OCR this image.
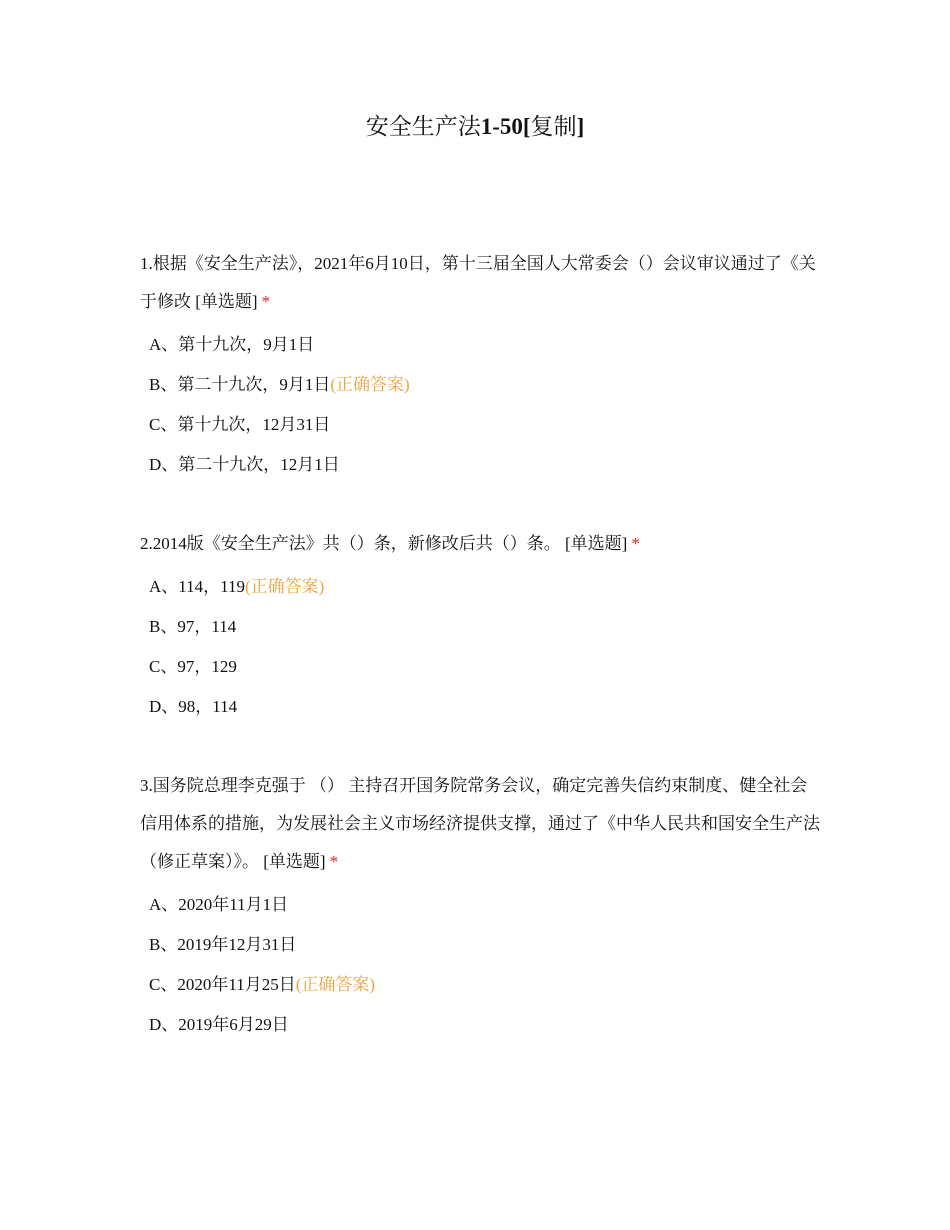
安全生产法1-50[复制]

1.根据《安全生产法》，2021年6月10日，第十三届全国人大常委会（）会议审议通过了《关于修改 [单选题] *

A、第十九次，9月1日
B、第二十九次，9月1日(正确答案)
C、第十九次，12月31日
D、第二十九次，12月1日

2.2014版《安全生产法》共（）条，新修改后共（）条。 [单选题] *

A、114，119(正确答案)
B、97，114
C、97，129
D、98，114

3.国务院总理李克强于 （） 主持召开国务院常务会议，确定完善失信约束制度、健全社会信用体系的措施，为发展社会主义市场经济提供支撑，通过了《中华人民共和国安全生产法（修正草案）》。 [单选题] *

A、2020年11月1日
B、2019年12月31日
C、2020年11月25日(正确答案)
D、2019年6月29日
